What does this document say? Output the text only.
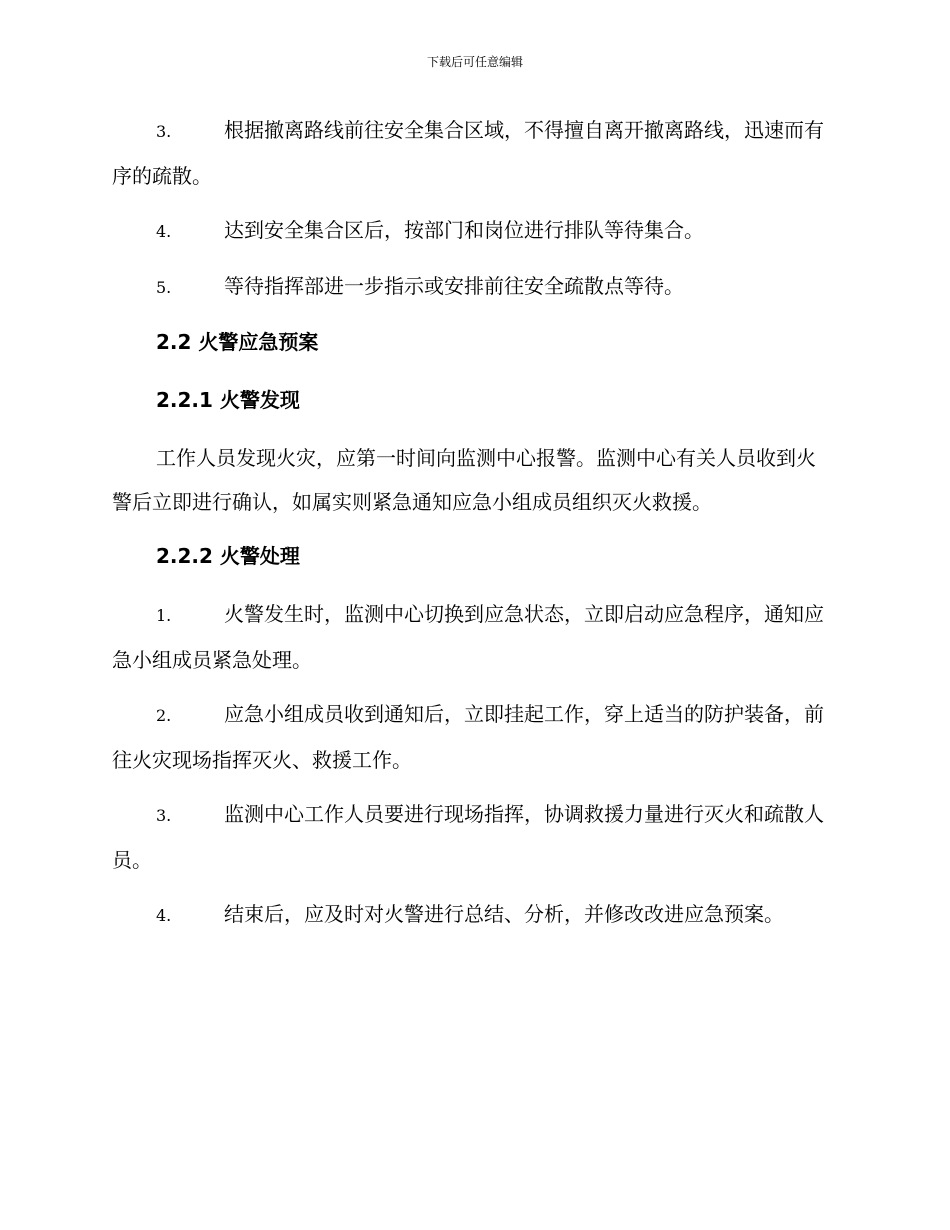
下载后可任意编辑
3.	根据撤离路线前往安全集合区域，不得擅自离开撤离路线，迅速而有序的疏散。
4.	达到安全集合区后，按部门和岗位进行排队等待集合。
5.	等待指挥部进一步指示或安排前往安全疏散点等待。
2.2 火警应急预案
2.2.1 火警发现
工作人员发现火灾，应第一时间向监测中心报警。监测中心有关人员收到火警后立即进行确认，如属实则紧急通知应急小组成员组织灭火救援。
2.2.2 火警处理
1.	火警发生时，监测中心切换到应急状态，立即启动应急程序，通知应急小组成员紧急处理。
2.	应急小组成员收到通知后，立即挂起工作，穿上适当的防护装备，前往火灾现场指挥灭火、救援工作。
3.	监测中心工作人员要进行现场指挥，协调救援力量进行灭火和疏散人员。
4.	结束后，应及时对火警进行总结、分析，并修改改进应急预案。
